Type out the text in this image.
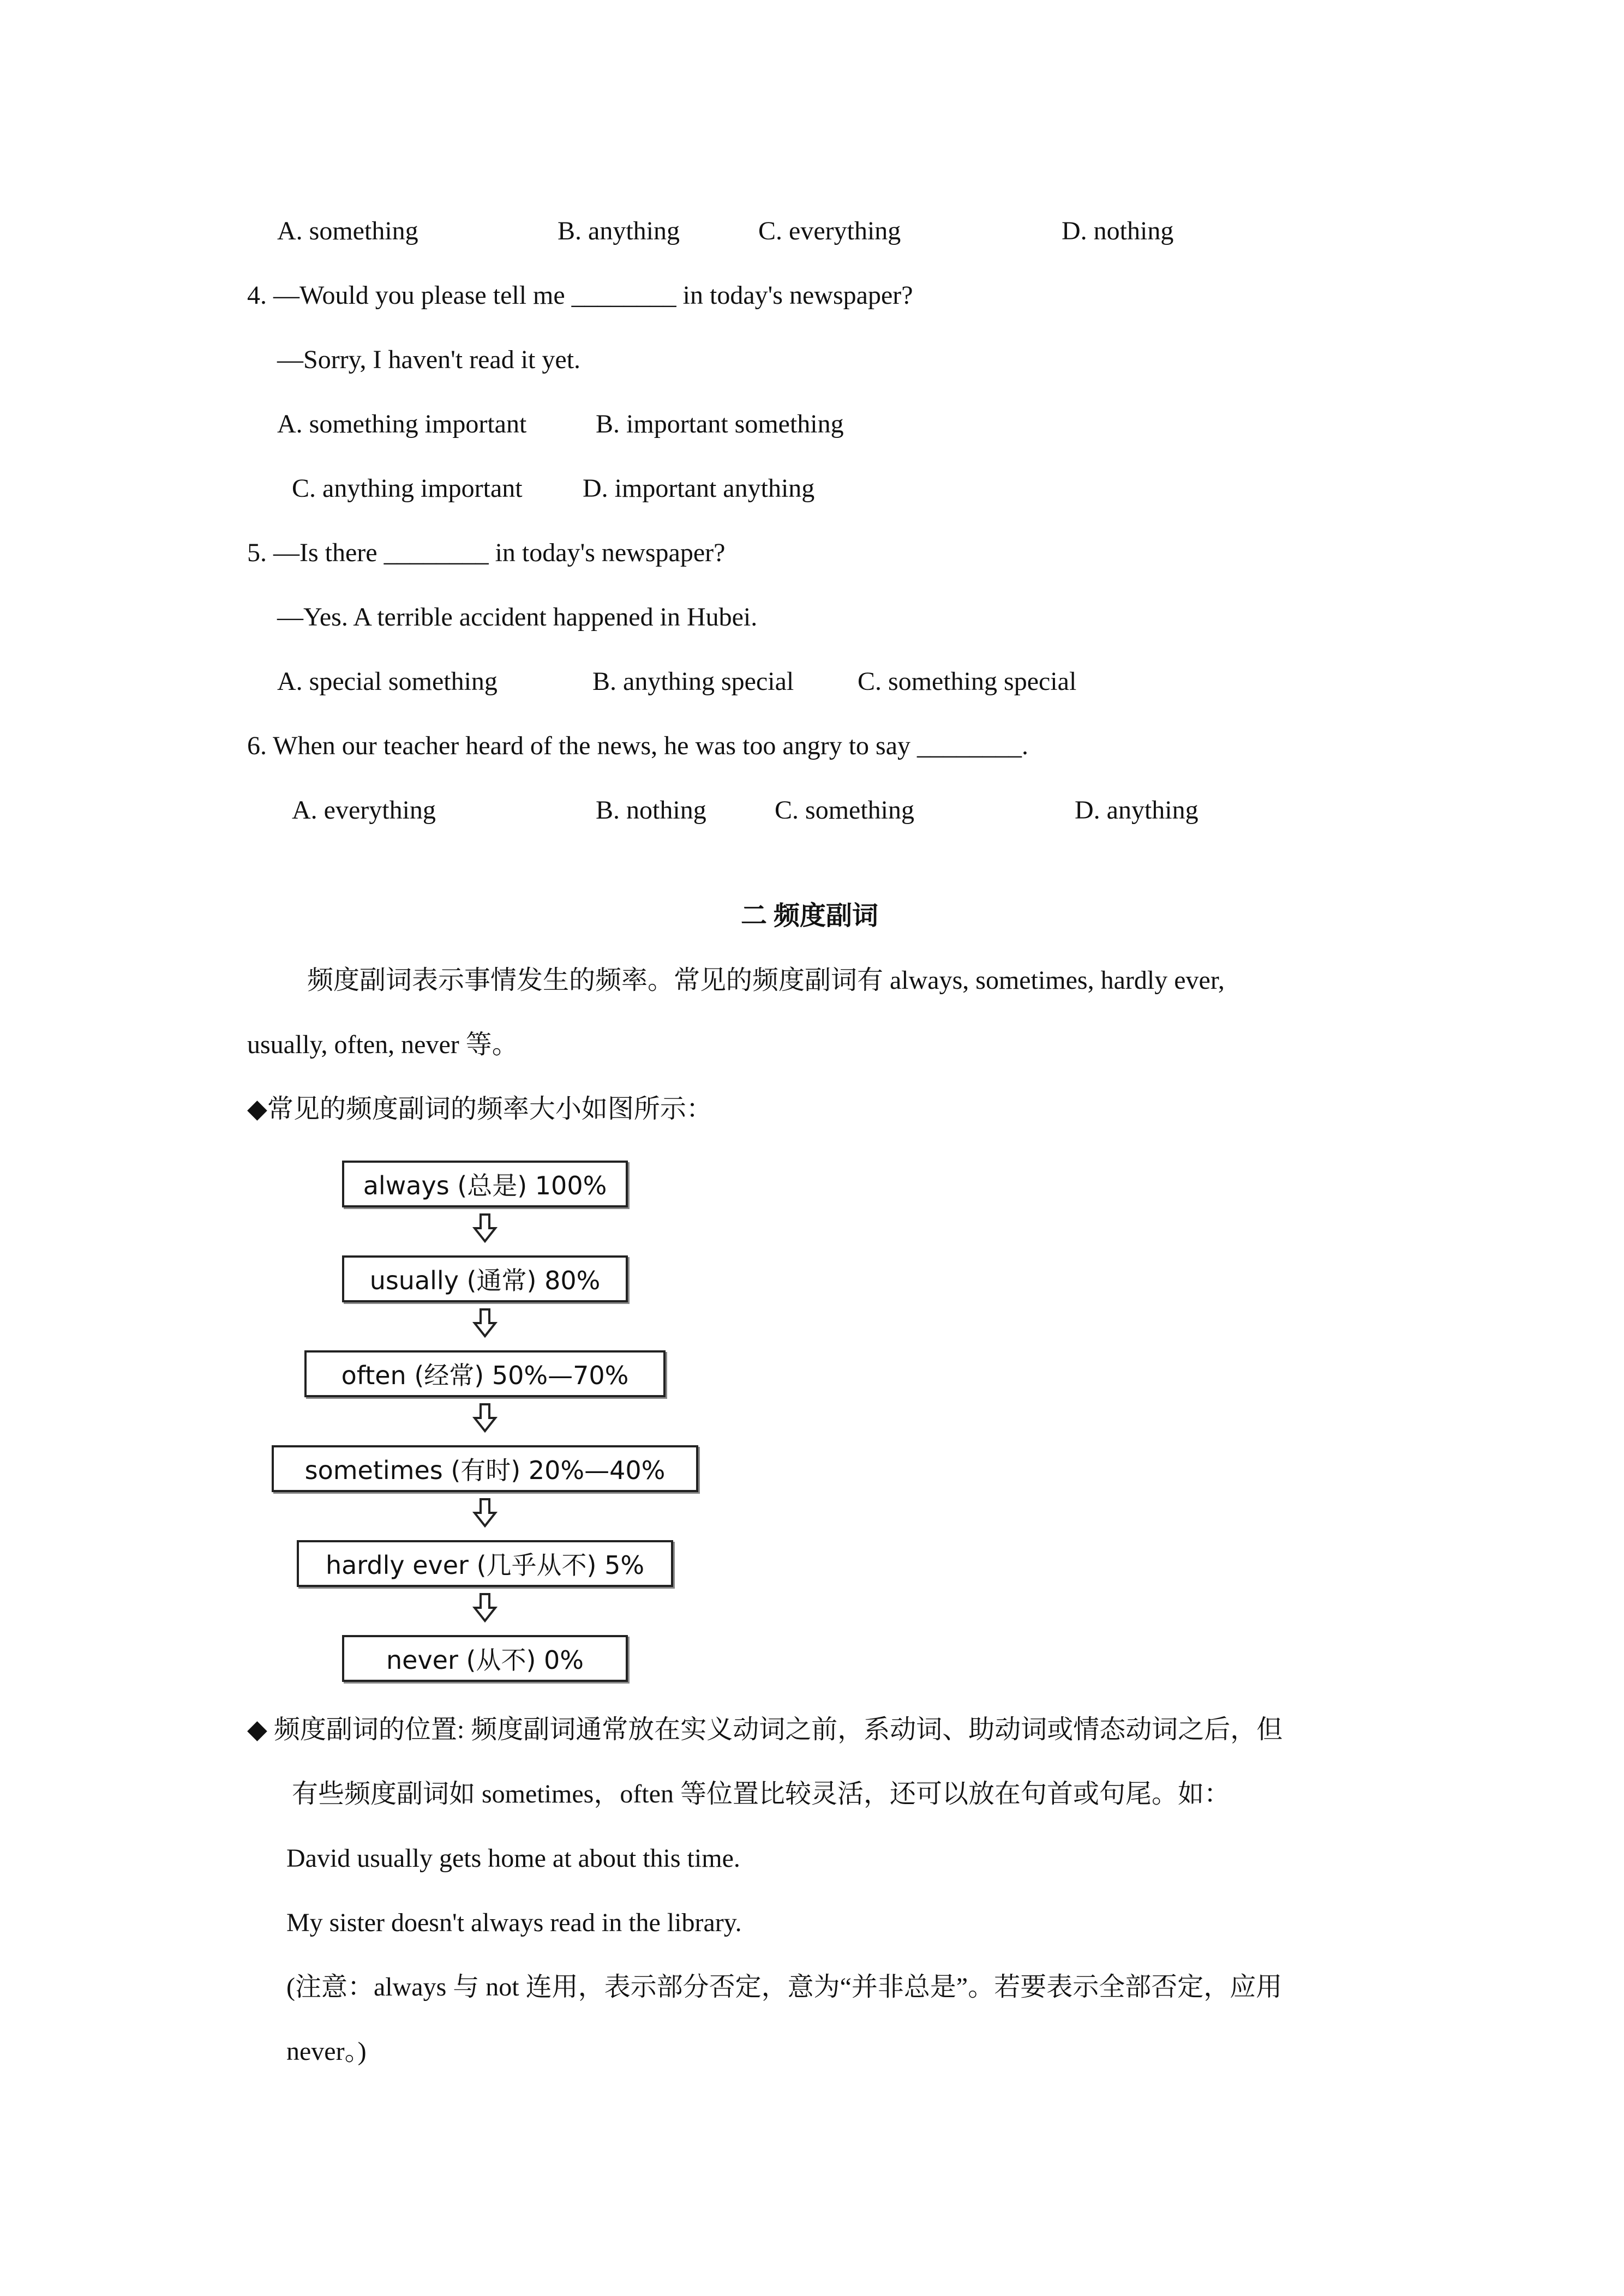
A. something	B. anything	C. everything	D. nothing
4. —Would you please tell me ________ in today's newspaper?
—Sorry, I haven't read it yet.
A. something important	B. important something
C. anything important D. important anything
5. —Is there ________ in today's newspaper?
—Yes. A terrible accident happened in Hubei.
A. special something	B. anything special C. something special
6. When our teacher heard of the news, he was too angry to say ________.
A. everything	B. nothing	C. something	D. anything
二 频度副词
频度副词表示事情发生的频率。常见的频度副词有 always, sometimes, hardly ever,
usually, often, never 等。
◆常见的频度副词的频率大小如图所示：
always (总是) 100%
usually (通常) 80%
often (经常) 50%—70%
sometimes (有时) 20%—40%
hardly ever (几乎从不) 5%
never (从不) 0%
◆ 频度副词的位置: 频度副词通常放在实义动词之前，系动词、助动词或情态动词之后，但
有些频度副词如 sometimes，often 等位置比较灵活，还可以放在句首或句尾。如：
David usually gets home at about this time.
My sister doesn't always read in the library.
(注意：always 与 not 连用，表示部分否定，意为“并非总是”。若要表示全部否定，应用
never。)
